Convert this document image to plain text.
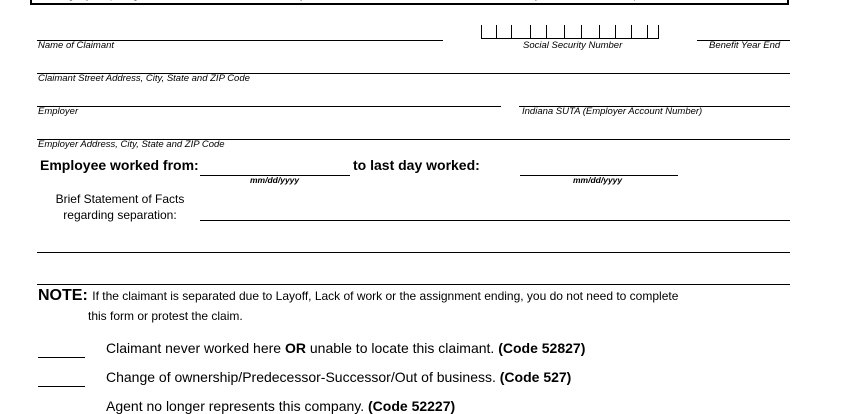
Name of Claimant	Social Security Number	Benefit Year End
Claimant Street Address, City, State and ZIP Code
Employer	Indiana SUTA (Employer Account Number)
Employer Address, City, State and ZIP Code
Employee worked from:
mm/dd/yyyy
to last day worked:
mm/dd/yyyy
Brief Statement of Facts
regarding separation:
NOTE: If the claimant is separated due to Layoff, Lack of work or the assignment ending, you do not need to complete
this form or protest the claim.
Claimant never worked here OR unable to locate this claimant. (Code 52827)
Change of ownership/Predecessor-Successor/Out of business. (Code 527)
Agent no longer represents this company. (Code 52227)
